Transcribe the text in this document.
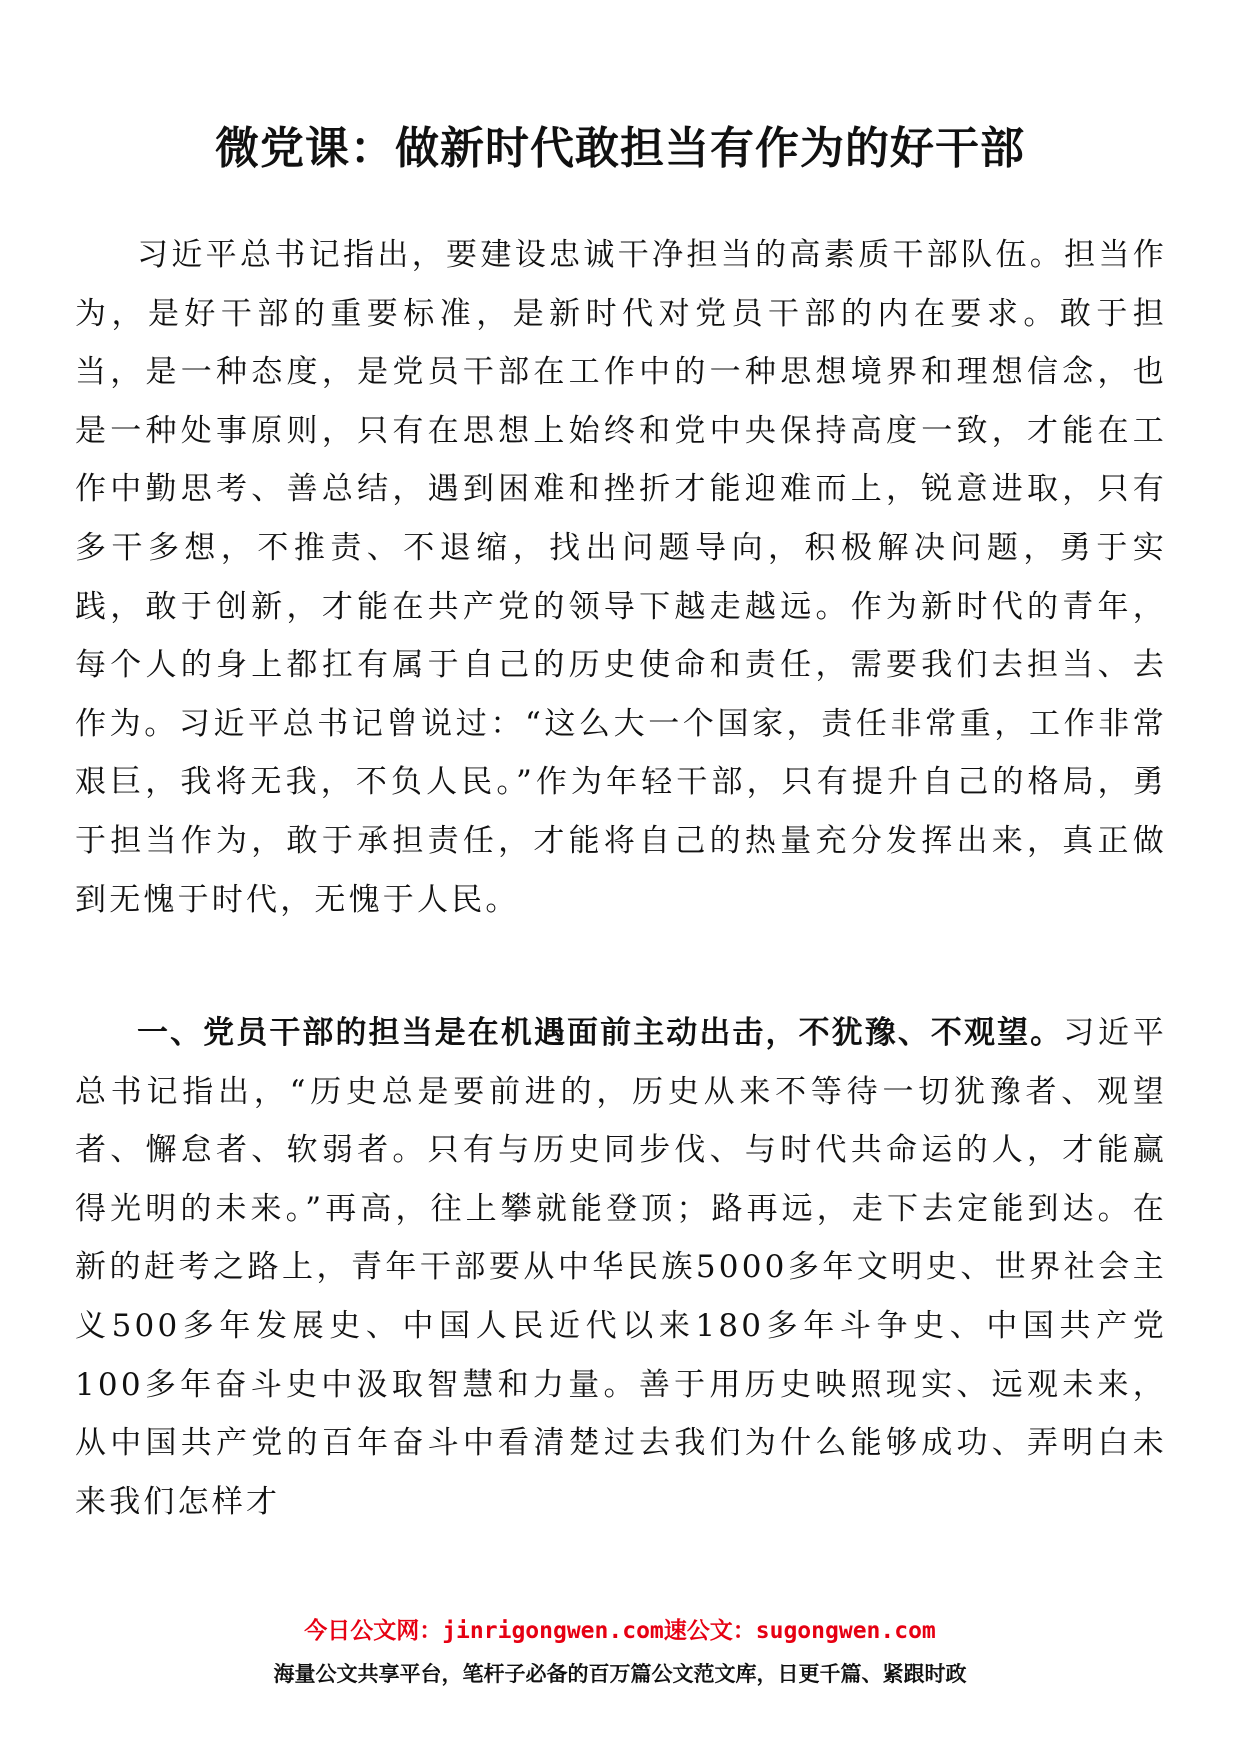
微党课：做新时代敢担当有作为的好干部

习近平总书记指出，要建设忠诚干净担当的高素质干部队伍。担当作为，是好干部的重要标准，是新时代对党员干部的内在要求。敢于担当，是一种态度，是党员干部在工作中的一种思想境界和理想信念，也是一种处事原则，只有在思想上始终和党中央保持高度一致，才能在工作中勤思考、善总结，遇到困难和挫折才能迎难而上，锐意进取，只有多干多想，不推责、不退缩，找出问题导向，积极解决问题，勇于实践，敢于创新，才能在共产党的领导下越走越远。作为新时代的青年，每个人的身上都扛有属于自己的历史使命和责任，需要我们去担当、去作为。习近平总书记曾说过：“这么大一个国家，责任非常重，工作非常艰巨，我将无我，不负人民。”作为年轻干部，只有提升自己的格局，勇于担当作为，敢于承担责任，才能将自己的热量充分发挥出来，真正做到无愧于时代，无愧于人民。

一、党员干部的担当是在机遇面前主动出击，不犹豫、不观望。习近平总书记指出，“历史总是要前进的，历史从来不等待一切犹豫者、观望者、懈怠者、软弱者。只有与历史同步伐、与时代共命运的人，才能赢得光明的未来。”再高，往上攀就能登顶；路再远，走下去定能到达。在新的赶考之路上，青年干部要从中华民族5000多年文明史、世界社会主义500多年发展史、中国人民近代以来180多年斗争史、中国共产党100多年奋斗史中汲取智慧和力量。善于用历史映照现实、远观未来，从中国共产党的百年奋斗中看清楚过去我们为什么能够成功、弄明白未来我们怎样才

今日公文网：jinrigongwen.com速公文：sugongwen.com
海量公文共享平台，笔杆子必备的百万篇公文范文库，日更千篇、紧跟时政
